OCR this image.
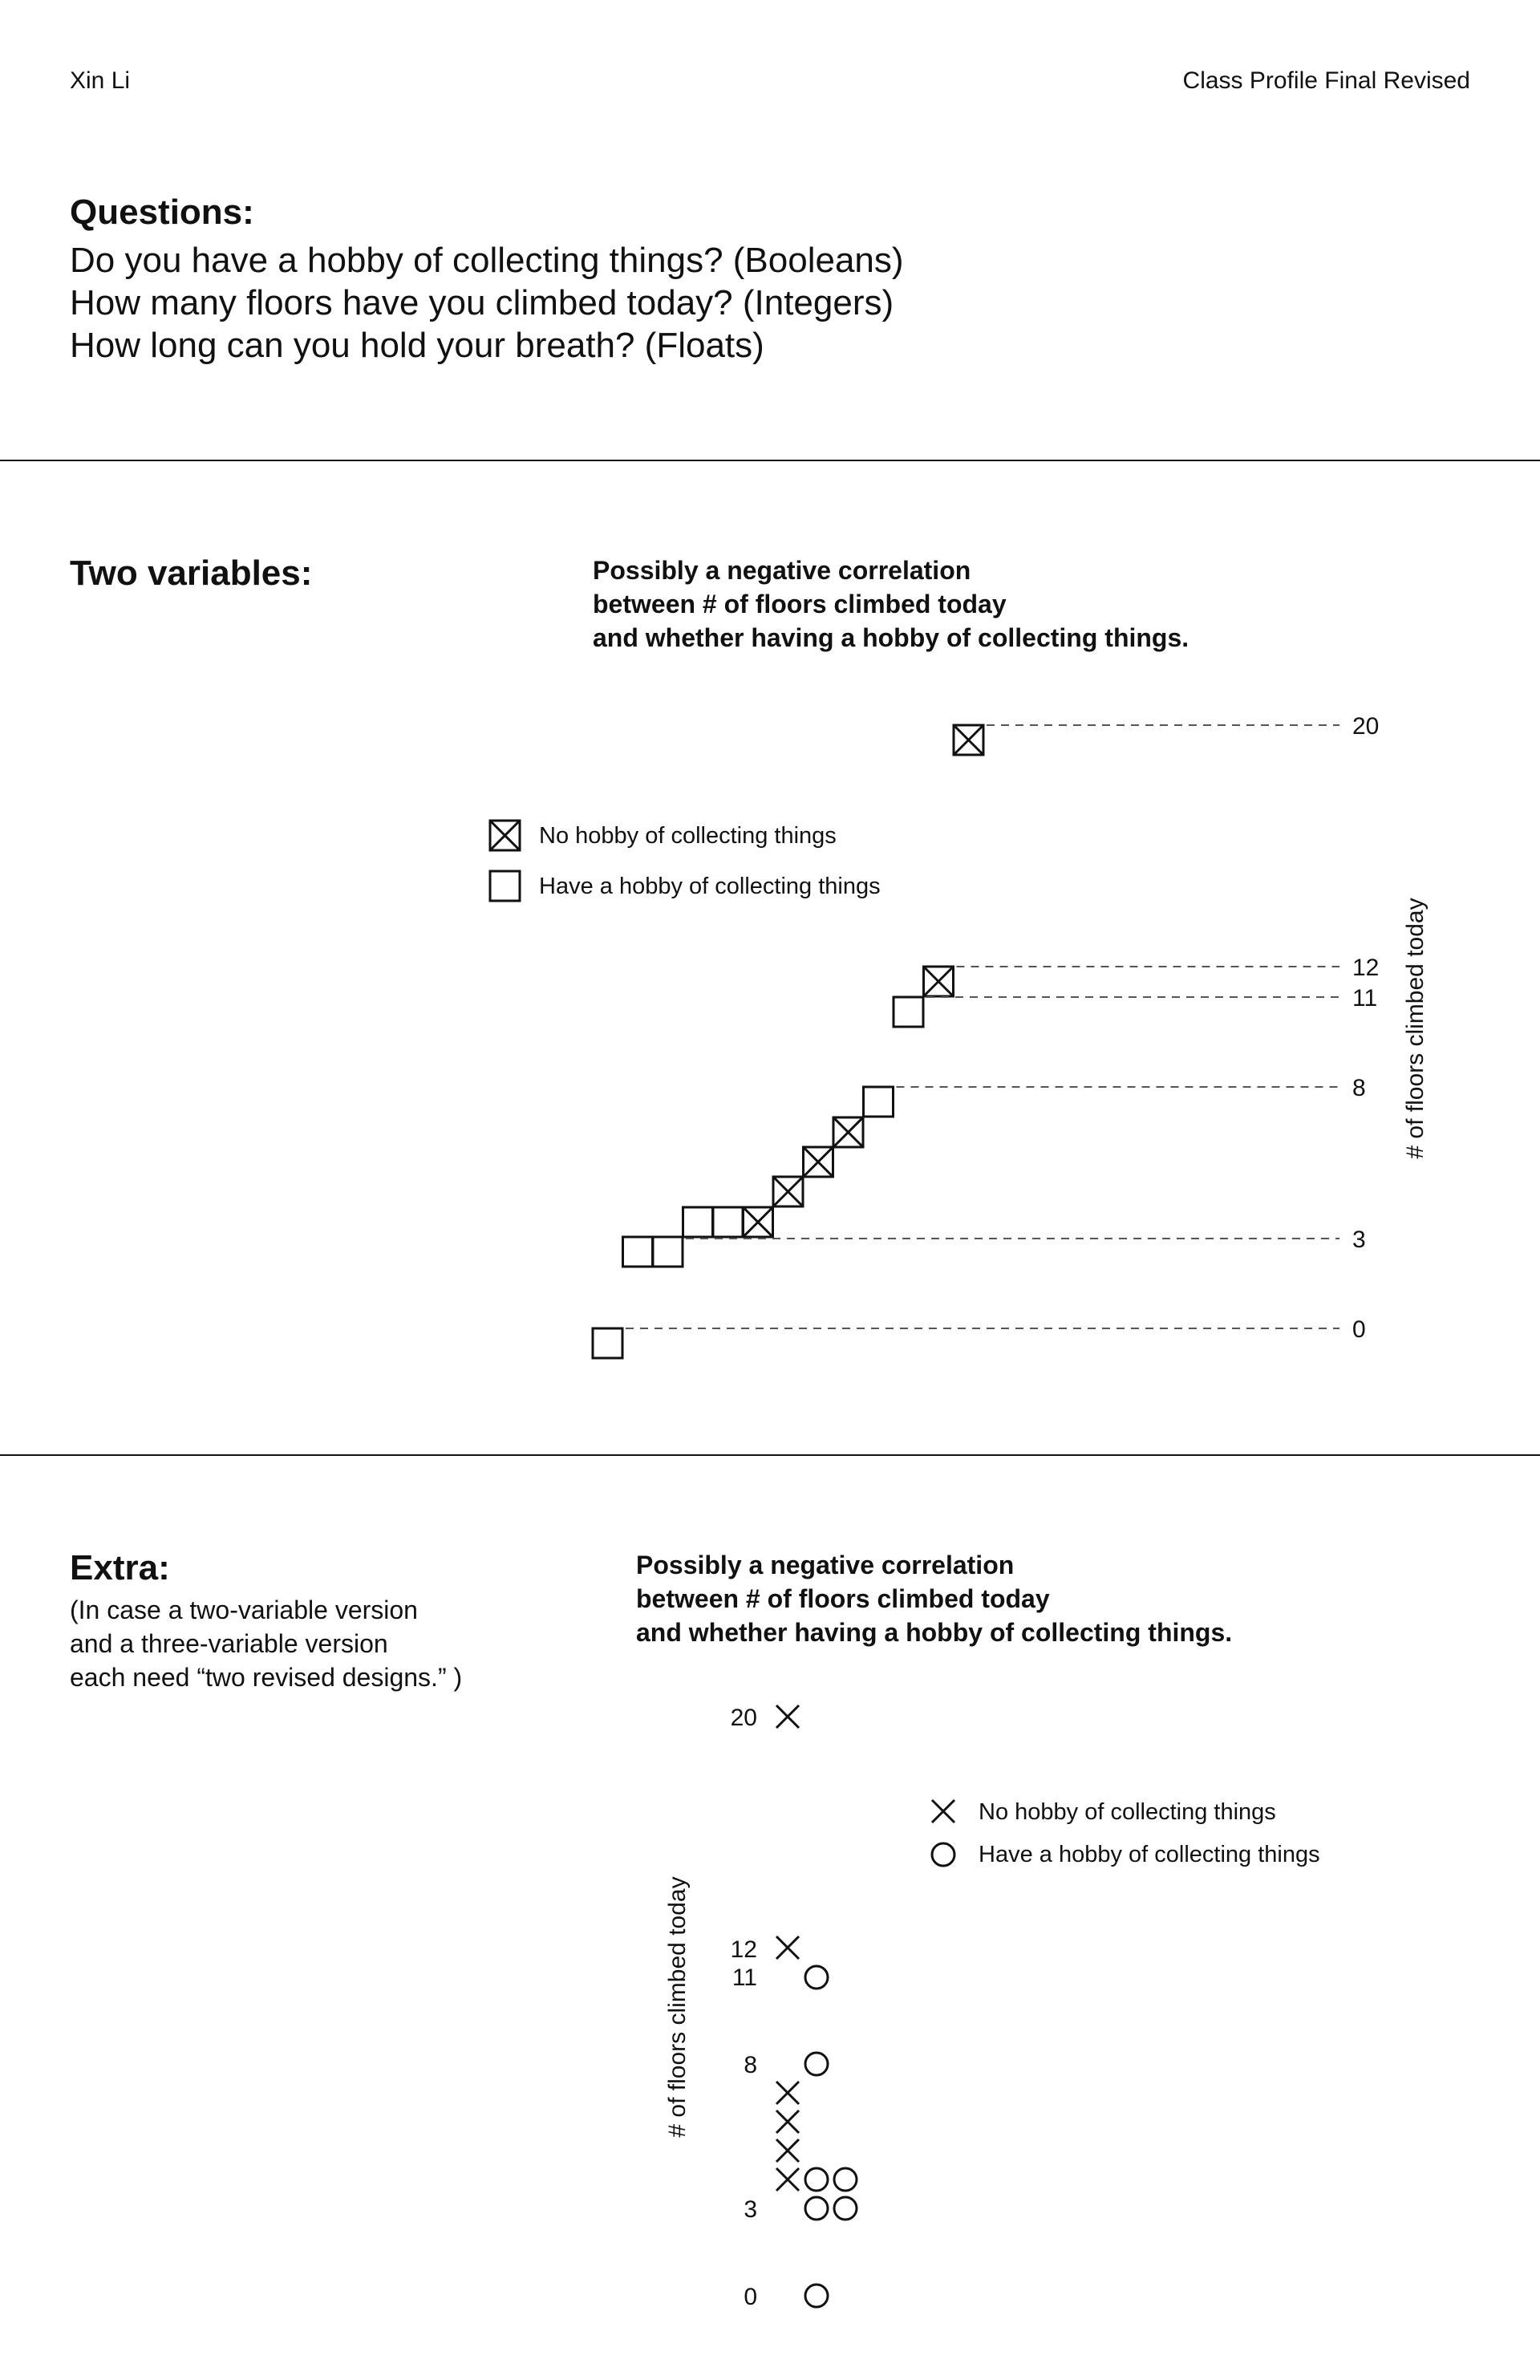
Xin Li	Class Profile Final Revised
Questions:
Do you have a hobby of collecting things? (Booleans)
How many floors have you climbed today? (Integers)
How long can you hold your breath? (Floats)
Two variables:	Possibly a negative correlation
between # of floors climbed today
and whether having a hobby of collecting things.
No hobby of collecting things
Have a hobby of collecting things
# of floors climbed today
Extra:
(In case a two-variable version
and a three-variable version
each need “two revised designs.” )
Possibly a negative correlation
between # of floors climbed today
and whether having a hobby of collecting things.
No hobby of collecting things
Have a hobby of collecting things
# of floors climbed today
0
3
8
11
12
20
0
3
8
11
12
20
